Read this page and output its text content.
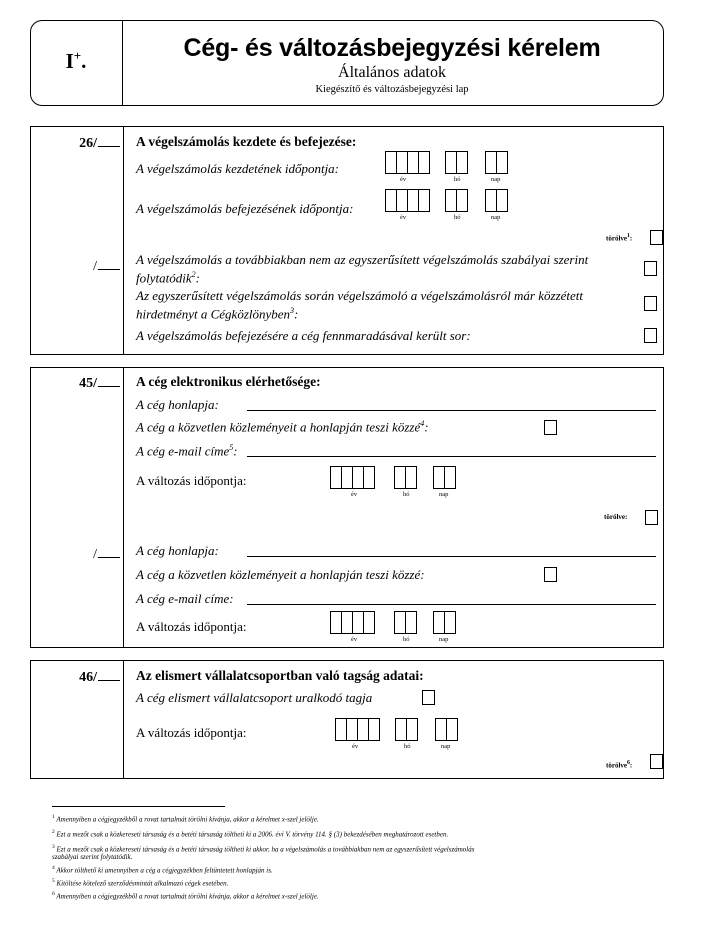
I+.	Cég- és változásbejegyzési kérelem
Általános adatok
Kiegészítő és változásbejegyzési lap
26/	A végelszámolás kezdete és befejezése:
A végelszámolás kezdetének időpontja:
év	hó	nap
A végelszámolás befejezésének időpontja:
év	hó	nap
törölve$^1$:
/	A végelszámolás a továbbiakban nem az egyszerűsített végelszámolás szabályai szerint
folytatódik$^2$:
Az egyszerűsített végelszámolás során végelszámoló a végelszámolásról már közzétett
hirdetményt a Cégközlönyben$^3$:
A végelszámolás befejezésére a cég fennmaradásával került sor:
45/	A cég elektronikus elérhetősége:
A cég honlapja:
A cég a közvetlen közleményeit a honlapján teszi közzé$^4$:
A cég e-mail címe$^5$:
A változás időpontja:
év	hó	nap
törölve:
/	A cég honlapja:
A cég a közvetlen közleményeit a honlapján teszi közzé:
A cég e-mail címe:
A változás időpontja:
év	hó	nap
46/	Az elismert vállalatcsoportban való tagság adatai:
A cég elismert vállalatcsoport uralkodó tagja
A változás időpontja:
év	hó	nap
törölve$^6$:
$^1$ Amennyiben a cégjegyzékből a rovat tartalmát törölni kívánja, akkor a kérelmet x-szel jelölje.
$^2$ Ezt a mezőt csak a közkereseti társaság és a betéti társaság töltheti ki a 2006. évi V. törvény 114. § (3) bekezdésében meghatározott esetben.
$^3$ Ezt a mezőt csak a közkereseti társaság és a betéti társaság töltheti ki akkor, ha a végelszámolás a továbbiakban nem az egyszerűsített végelszámolás
szabályai szerint folytatódik.
$^4$ Akkor tölthető ki amennyiben a cég a cégjegyzékben feltüntetett honlapján is.
$^5$ Kitöltése kötelező szerződésmintát alkalmazó cégek esetében.
$^6$ Amennyiben a cégjegyzékből a rovat tartalmát törölni kívánja, akkor a kérelmet x-szel jelölje.
